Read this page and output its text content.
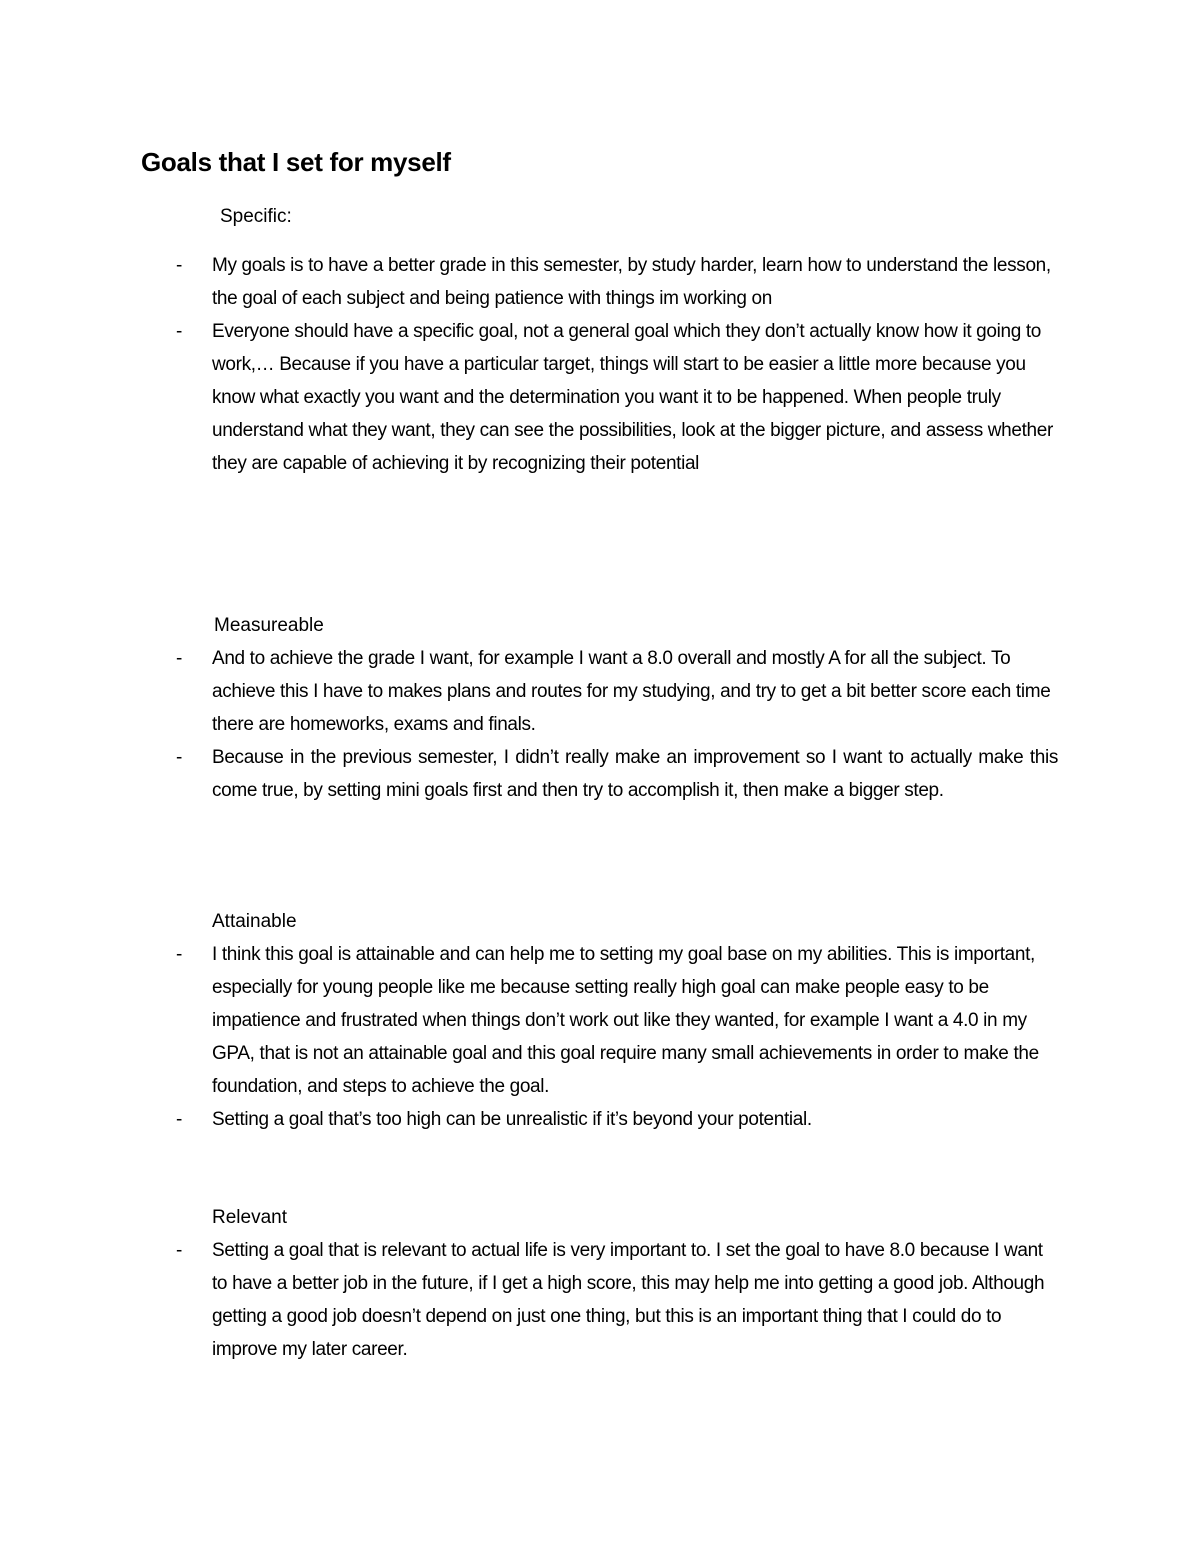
Goals that I set for myself

Specific:

- My goals is to have a better grade in this semester, by study harder, learn how to understand the lesson, the goal of each subject and being patience with things im working on

- Everyone should have a specific goal, not a general goal which they don’t actually know how it going to work,… Because if you have a particular target, things will start to be easier a little more because you know what exactly you want and the determination you want it to be happened. When people truly understand what they want, they can see the possibilities, look at the bigger picture, and assess whether they are capable of achieving it by recognizing their potential

Measureable

- And to achieve the grade I want, for example I want a 8.0 overall and mostly A for all the subject. To achieve this I have to makes plans and routes for my studying, and try to get a bit better score each time there are homeworks, exams and finals.

- Because in the previous semester, I didn’t really make an improvement so I want to actually make this come true, by setting mini goals first and then try to accomplish it, then make a bigger step.

Attainable

- I think this goal is attainable and can help me to setting my goal base on my abilities. This is important, especially for young people like me because setting really high goal can make people easy to be impatience and frustrated when things don’t work out like they wanted, for example I want a 4.0 in my GPA, that is not an attainable goal and this goal require many small achievements in order to make the foundation, and steps to achieve the goal.

- Setting a goal that’s too high can be unrealistic if it’s beyond your potential.

Relevant

- Setting a goal that is relevant to actual life is very important to. I set the goal to have 8.0 because I want to have a better job in the future, if I get a high score, this may help me into getting a good job. Although getting a good job doesn’t depend on just one thing, but this is an important thing that I could do to improve my later career.
